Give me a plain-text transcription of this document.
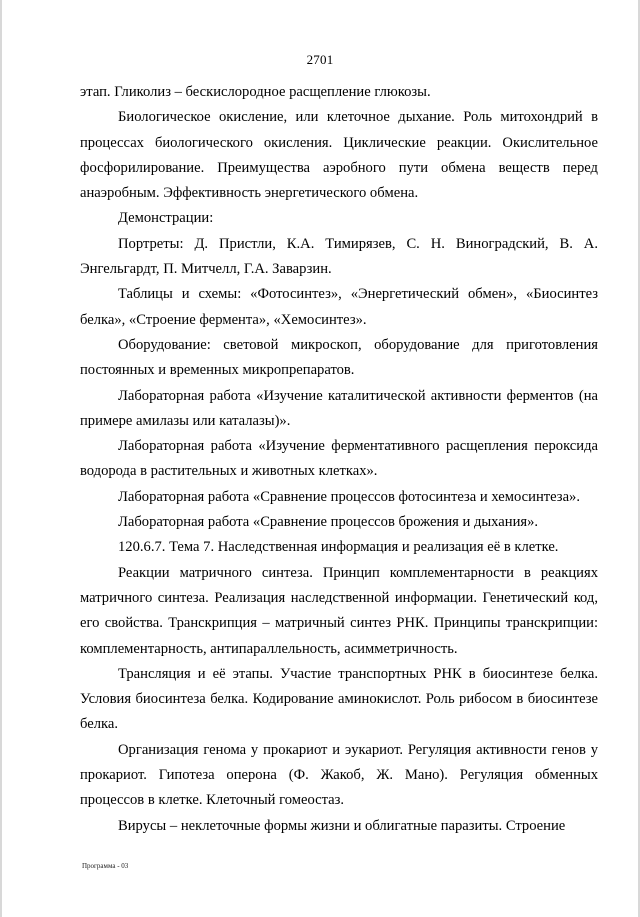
2701

этап. Гликолиз – бескислородное расщепление глюкозы.

Биологическое окисление, или клеточное дыхание. Роль митохондрий в процессах биологического окисления. Циклические реакции. Окислительное фосфорилирование. Преимущества аэробного пути обмена веществ перед анаэробным. Эффективность энергетического обмена.

Демонстрации:

Портреты: Д. Пристли, К.А. Тимирязев, С. Н. Виноградский, В. А. Энгельгардт, П. Митчелл, Г.А. Заварзин.

Таблицы и схемы: «Фотосинтез», «Энергетический обмен», «Биосинтез белка», «Строение фермента», «Хемосинтез».

Оборудование: световой микроскоп, оборудование для приготовления постоянных и временных микропрепаратов.

Лабораторная работа «Изучение каталитической активности ферментов (на примере амилазы или каталазы)».

Лабораторная работа «Изучение ферментативного расщепления пероксида водорода в растительных и животных клетках».

Лабораторная работа «Сравнение процессов фотосинтеза и хемосинтеза».

Лабораторная работа «Сравнение процессов брожения и дыхания».

120.6.7. Тема 7. Наследственная информация и реализация её в клетке.

Реакции матричного синтеза. Принцип комплементарности в реакциях матричного синтеза. Реализация наследственной информации. Генетический код, его свойства. Транскрипция – матричный синтез РНК. Принципы транскрипции: комплементарность, антипараллельность, асимметричность.

Трансляция и её этапы. Участие транспортных РНК в биосинтезе белка. Условия биосинтеза белка. Кодирование аминокислот. Роль рибосом в биосинтезе белка.

Организация генома у прокариот и эукариот. Регуляция активности генов у прокариот. Гипотеза оперона (Ф. Жакоб, Ж. Мано). Регуляция обменных процессов в клетке. Клеточный гомеостаз.

Вирусы – неклеточные формы жизни и облигатные паразиты. Строение

Программа - 03
